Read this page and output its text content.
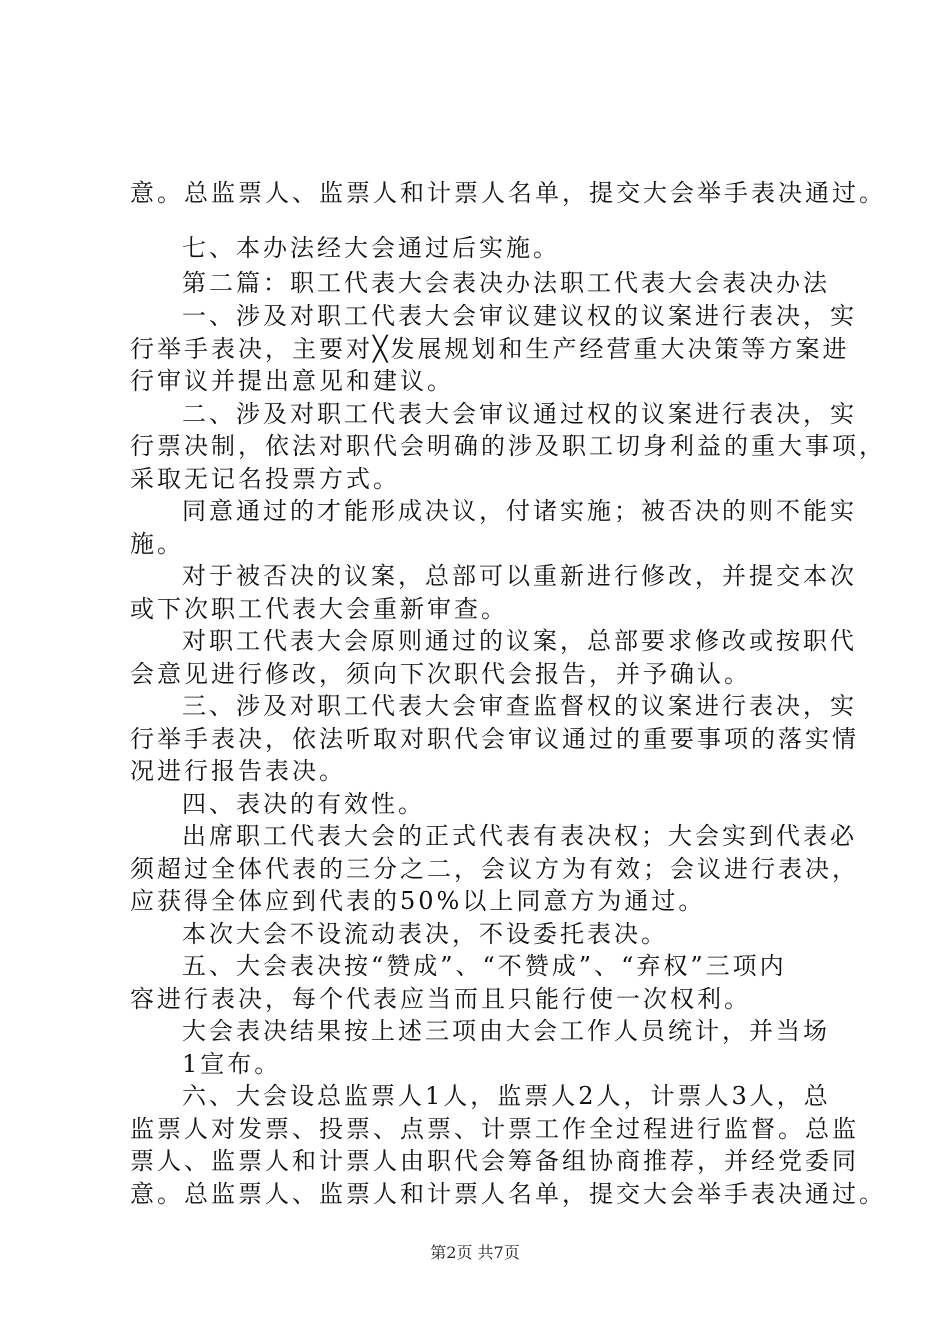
意。总监票人、监票人和计票人名单，提交大会举手表决通过。
七、本办法经大会通过后实施。
第二篇：职工代表大会表决办法职工代表大会表决办法
一、涉及对职工代表大会审议建议权的议案进行表决，实
行举手表决，主要对╳发展规划和生产经营重大决策等方案进
行审议并提出意见和建议。
二、涉及对职工代表大会审议通过权的议案进行表决，实
行票决制，依法对职代会明确的涉及职工切身利益的重大事项，
采取无记名投票方式。
同意通过的才能形成决议，付诸实施；被否决的则不能实
施。
对于被否决的议案，总部可以重新进行修改，并提交本次
或下次职工代表大会重新审查。
对职工代表大会原则通过的议案，总部要求修改或按职代
会意见进行修改，须向下次职代会报告，并予确认。
三、涉及对职工代表大会审查监督权的议案进行表决，实
行举手表决，依法听取对职代会审议通过的重要事项的落实情
况进行报告表决。
四、表决的有效性。
出席职工代表大会的正式代表有表决权；大会实到代表必
须超过全体代表的三分之二，会议方为有效；会议进行表决，
应获得全体应到代表的50%以上同意方为通过。
本次大会不设流动表决，不设委托表决。
五、大会表决按“赞成”、“不赞成”、“弃权”三项内
容进行表决，每个代表应当而且只能行使一次权利。
大会表决结果按上述三项由大会工作人员统计，并当场
1宣布。
六、大会设总监票人1人，监票人2人，计票人3人，总
监票人对发票、投票、点票、计票工作全过程进行监督。总监
票人、监票人和计票人由职代会筹备组协商推荐，并经党委同
意。总监票人、监票人和计票人名单，提交大会举手表决通过。
第2页 共7页
